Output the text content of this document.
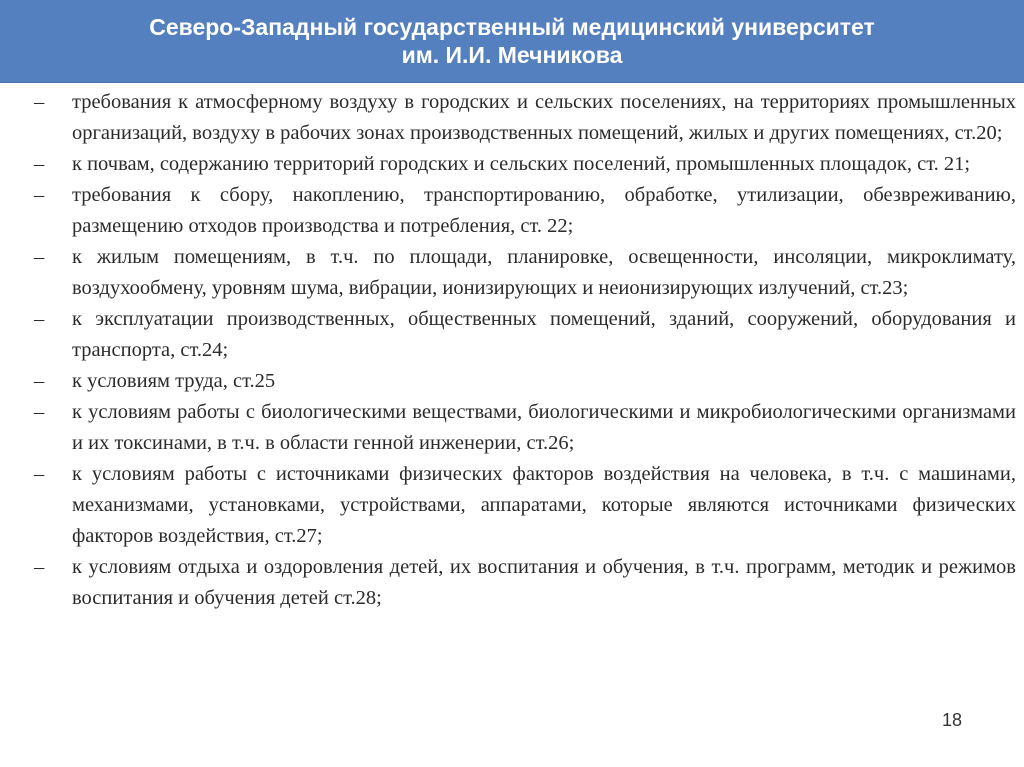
Северо-Западный государственный медицинский университет
им. И.И. Мечникова
–	требования к атмосферному воздуху в городских и сельских поселениях, на территориях промышленных организаций, воздуху в рабочих зонах производственных помещений, жилых и других помещениях, ст.20;
–	к почвам, содержанию территорий городских и сельских поселений, промышленных площадок, ст. 21;
–	требования к сбору, накоплению, транспортированию, обработке, утилизации, обезвреживанию, размещению отходов производства и потребления, ст. 22;
–	к жилым помещениям, в т.ч. по площади, планировке, освещенности, инсоляции, микроклимату, воздухообмену, уровням шума, вибрации, ионизирующих и неионизирующих излучений, ст.23;
–	к эксплуатации производственных, общественных помещений, зданий, сооружений, оборудования и транспорта, ст.24;
–	к условиям труда, ст.25
–	к условиям работы с биологическими веществами, биологическими и микробиологическими организмами и их токсинами, в т.ч. в области генной инженерии, ст.26;
–	к условиям работы с источниками физических факторов воздействия на человека, в т.ч. с машинами, механизмами, установками, устройствами, аппаратами, которые являются источниками физических факторов воздействия, ст.27;
–	к условиям отдыха и оздоровления детей, их воспитания и обучения, в т.ч. программ, методик и режимов воспитания и обучения детей ст.28;
18
